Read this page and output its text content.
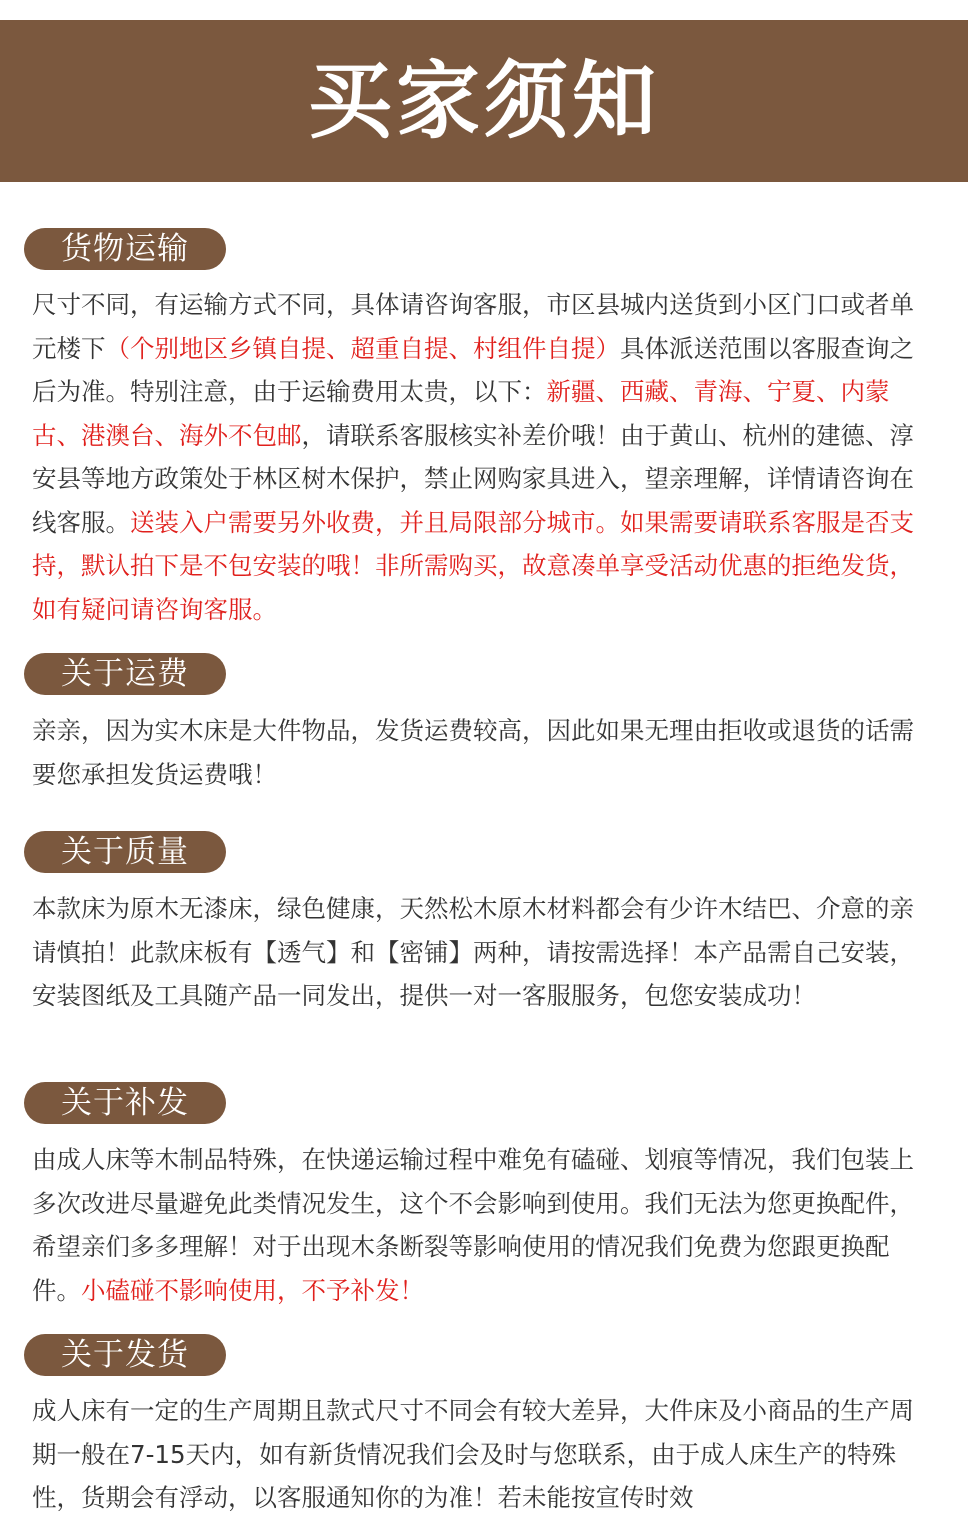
买家须知
货物运输

尺寸不同，有运输方式不同，具体请咨询客服，市区县城内送货到小区门口或者单元楼下（个别地区乡镇自提、超重自提、村组件自提）具体派送范围以客服查询之后为准。特别注意，由于运输费用太贵，以下：新疆、西藏、青海、宁夏、内蒙古、港澳台、海外不包邮，请联系客服核实补差价哦！由于黄山、杭州的建德、淳安县等地方政策处于林区树木保护，禁止网购家具进入，望亲理解，详情请咨询在线客服。送装入户需要另外收费，并且局限部分城市。如果需要请联系客服是否支持，默认拍下是不包安装的哦！非所需购买，故意凑单享受活动优惠的拒绝发货，如有疑问请咨询客服。

关于运费

亲亲，因为实木床是大件物品，发货运费较高，因此如果无理由拒收或退货的话需要您承担发货运费哦！

关于质量

本款床为原木无漆床，绿色健康，天然松木原木材料都会有少许木结巴、介意的亲请慎拍！此款床板有【透气】和【密铺】两种，请按需选择！本产品需自己安装，安装图纸及工具随产品一同发出，提供一对一客服服务，包您安装成功！

关于补发

由成人床等木制品特殊，在快递运输过程中难免有磕碰、划痕等情况，我们包装上多次改进尽量避免此类情况发生，这个不会影响到使用。我们无法为您更换配件，希望亲们多多理解！对于出现木条断裂等影响使用的情况我们免费为您跟更换配件。小磕碰不影响使用，不予补发！

关于发货

成人床有一定的生产周期且款式尺寸不同会有较大差异，大件床及小商品的生产周期一般在7-15天内，如有新货情况我们会及时与您联系，由于成人床生产的特殊性，货期会有浮动，以客服通知你的为准！若未能按宣传时效
